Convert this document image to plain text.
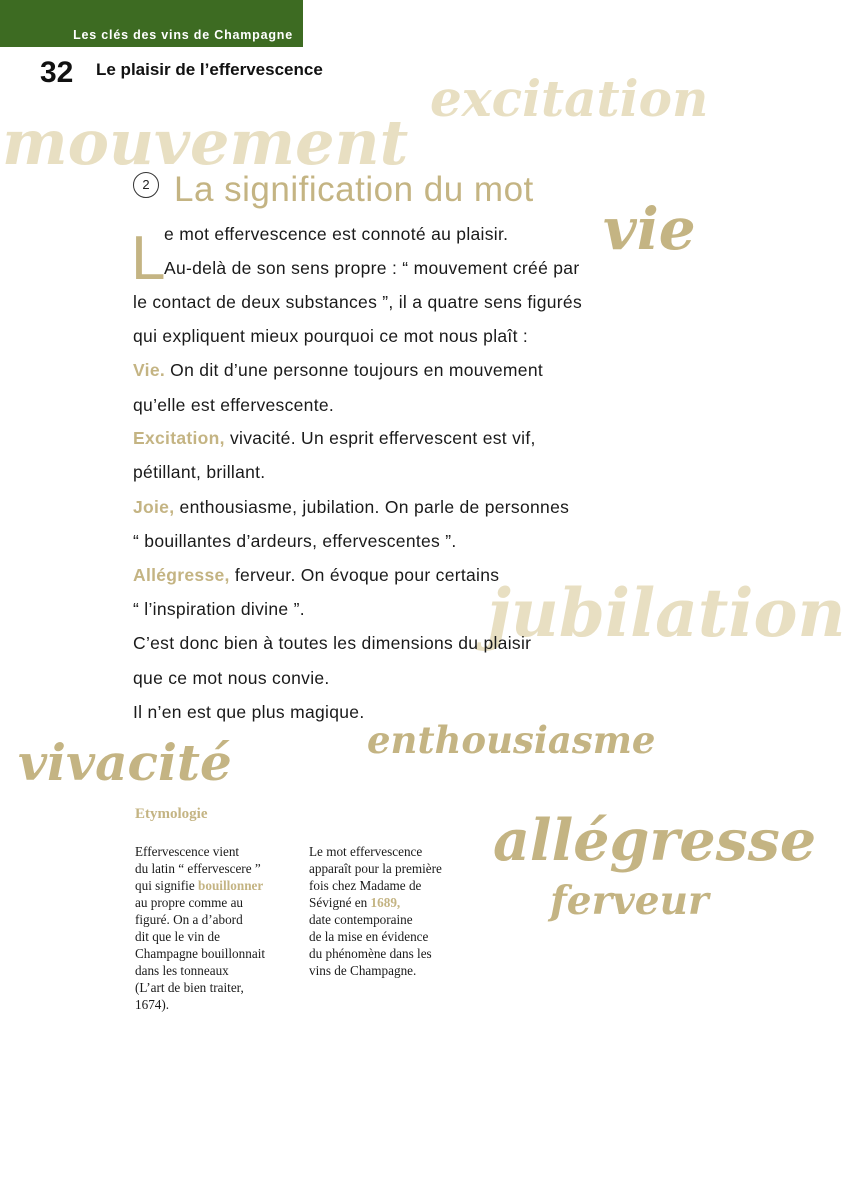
Les clés des vins de Champagne
32 Le plaisir de l’effervescence excitation
mouvement
vie
jubilation
2 La signification du mot
L
e mot effervescence est connoté au plaisir.
Au-delà de son sens propre : “ mouvement créé par
le contact de deux substances ”, il a quatre sens figurés
qui expliquent mieux pourquoi ce mot nous plaît :
Vie. On dit d’une personne toujours en mouvement
qu’elle est effervescente.
Excitation, vivacité. Un esprit effervescent est vif,
pétillant, brillant.
Joie, enthousiasme, jubilation. On parle de personnes
“ bouillantes d’ardeurs, effervescentes ”.
Allégresse, ferveur. On évoque pour certains
“ l’inspiration divine ”.
C’est donc bien à toutes les dimensions du plaisir
que ce mot nous convie.
Il n’en est que plus magique.
enthousiasme
vivacité
allégresse
ferveur
Etymologie
Effervescence vient
du latin “ effervescere ”
qui signifie bouillonner
au propre comme au
figuré. On a d’abord
dit que le vin de
Champagne bouillonnait
dans les tonneaux
(L’art de bien traiter,
1674).
Le mot effervescence
apparaît pour la première
fois chez Madame de
Sévigné en 1689,
date contemporaine
de la mise en évidence
du phénomène dans les
vins de Champagne.
